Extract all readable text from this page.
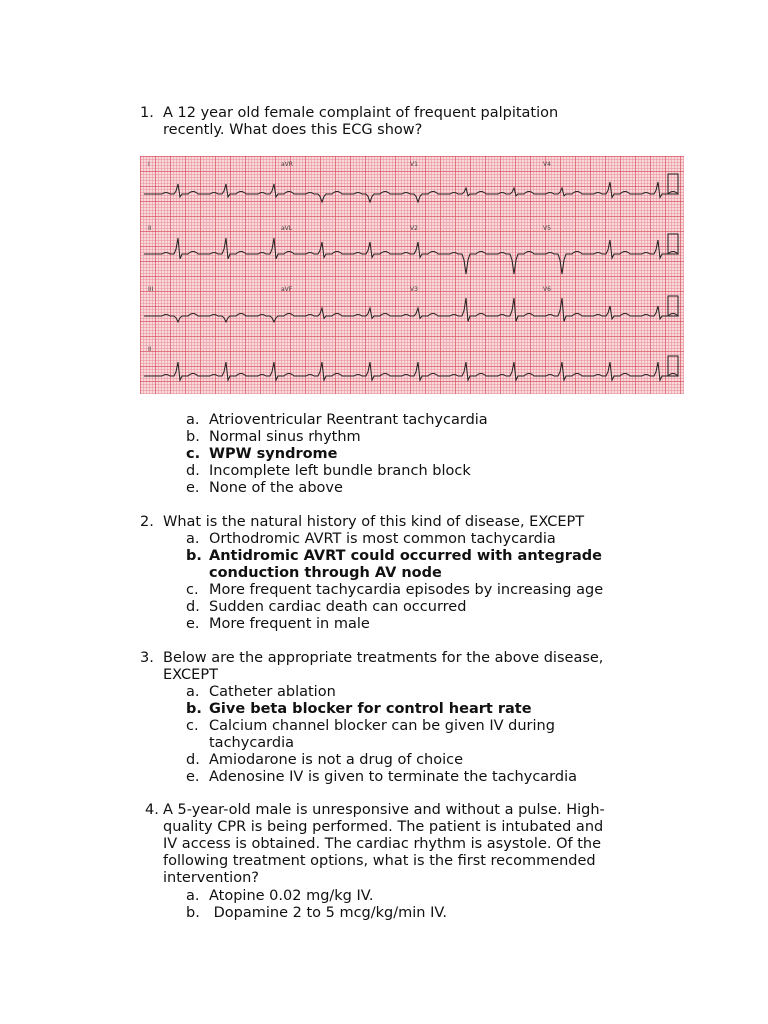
1. A 12 year old female complaint of frequent palpitation
recently. What does this ECG show?
I	aVR	V1	V4
II	aVL	V2	V5
III	aVF	V3	V6
II
a. Atrioventricular Reentrant tachycardia
b. Normal sinus rhythm
c. WPW syndrome
d. Incomplete left bundle branch block
e. None of the above
2. What is the natural history of this kind of disease, EXCEPT
a. Orthodromic AVRT is most common tachycardia
b. Antidromic AVRT could occurred with antegrade
conduction through AV node
c. More frequent tachycardia episodes by increasing age
d. Sudden cardiac death can occurred
e. More frequent in male
3. Below are the appropriate treatments for the above disease,
EXCEPT
a. Catheter ablation
b. Give beta blocker for control heart rate
c. Calcium channel blocker can be given IV during
tachycardia
d. Amiodarone is not a drug of choice
e. Adenosine IV is given to terminate the tachycardia
4. A 5-year-old male is unresponsive and without a pulse. High-
quality CPR is being performed. The patient is intubated and
IV access is obtained. The cardiac rhythm is asystole. Of the
following treatment options, what is the first recommended
intervention?
a. Atopine 0.02 mg/kg IV.
b. Dopamine 2 to 5 mcg/kg/min IV.
